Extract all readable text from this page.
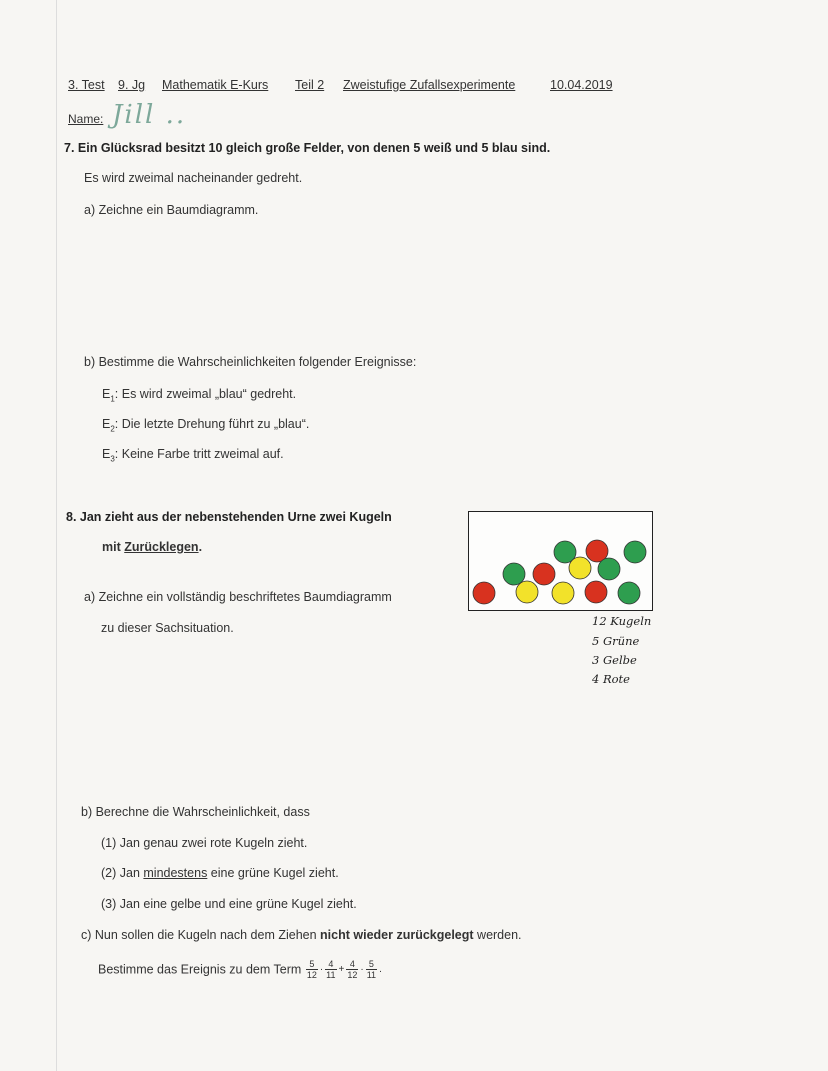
3. Test 9. Jg Mathematik E-Kurs Teil 2 Zweistufige Zufallsexperimente	10.04.2019
Name: Jill ..
7. Ein Glücksrad besitzt 10 gleich große Felder, von denen 5 weiß und 5 blau sind.
Es wird zweimal nacheinander gedreht.
a) Zeichne ein Baumdiagramm.
b) Bestimme die Wahrscheinlichkeiten folgender Ereignisse:
$E_1$: Es wird zweimal „blau“ gedreht.
$E_2$: Die letzte Drehung führt zu „blau“.
$E_3$: Keine Farbe tritt zweimal auf.
8. Jan zieht aus der nebenstehenden Urne zwei Kugeln
mit Zurücklegen.
12 Kugeln
5 Grüne
3 Gelbe
4 Rote
a) Zeichne ein vollständig beschriftetes Baumdiagramm
zu dieser Sachsituation.
b) Berechne die Wahrscheinlichkeit, dass
(1) Jan genau zwei rote Kugeln zieht.
(2) Jan mindestens eine grüne Kugel zieht.
(3) Jan eine gelbe und eine grüne Kugel zieht.
c) Nun sollen die Kugeln nach dem Ziehen nicht wieder zurückgelegt werden.
Bestimme das Ereignis zu dem Term $\frac{5}{12} \cdot \frac{4}{11} + \frac{4}{12} \cdot \frac{5}{11}$ .
